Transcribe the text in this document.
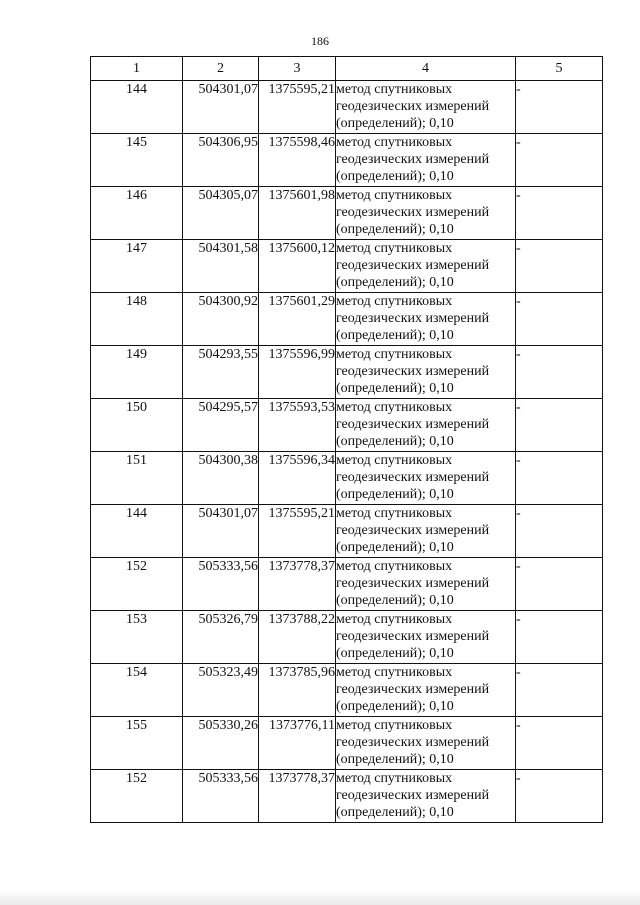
186
1	2	3	4	5
144	504301,07	1375595,21	метод спутниковых геодезических измерений (определений); 0,10	-
145	504306,95	1375598,46	метод спутниковых геодезических измерений (определений); 0,10	-
146	504305,07	1375601,98	метод спутниковых геодезических измерений (определений); 0,10	-
147	504301,58	1375600,12	метод спутниковых геодезических измерений (определений); 0,10	-
148	504300,92	1375601,29	метод спутниковых геодезических измерений (определений); 0,10	-
149	504293,55	1375596,99	метод спутниковых геодезических измерений (определений); 0,10	-
150	504295,57	1375593,53	метод спутниковых геодезических измерений (определений); 0,10	-
151	504300,38	1375596,34	метод спутниковых геодезических измерений (определений); 0,10	-
144	504301,07	1375595,21	метод спутниковых геодезических измерений (определений); 0,10	-
152	505333,56	1373778,37	метод спутниковых геодезических измерений (определений); 0,10	-
153	505326,79	1373788,22	метод спутниковых геодезических измерений (определений); 0,10	-
154	505323,49	1373785,96	метод спутниковых геодезических измерений (определений); 0,10	-
155	505330,26	1373776,11	метод спутниковых геодезических измерений (определений); 0,10	-
152	505333,56	1373778,37	метод спутниковых геодезических измерений (определений); 0,10	-
